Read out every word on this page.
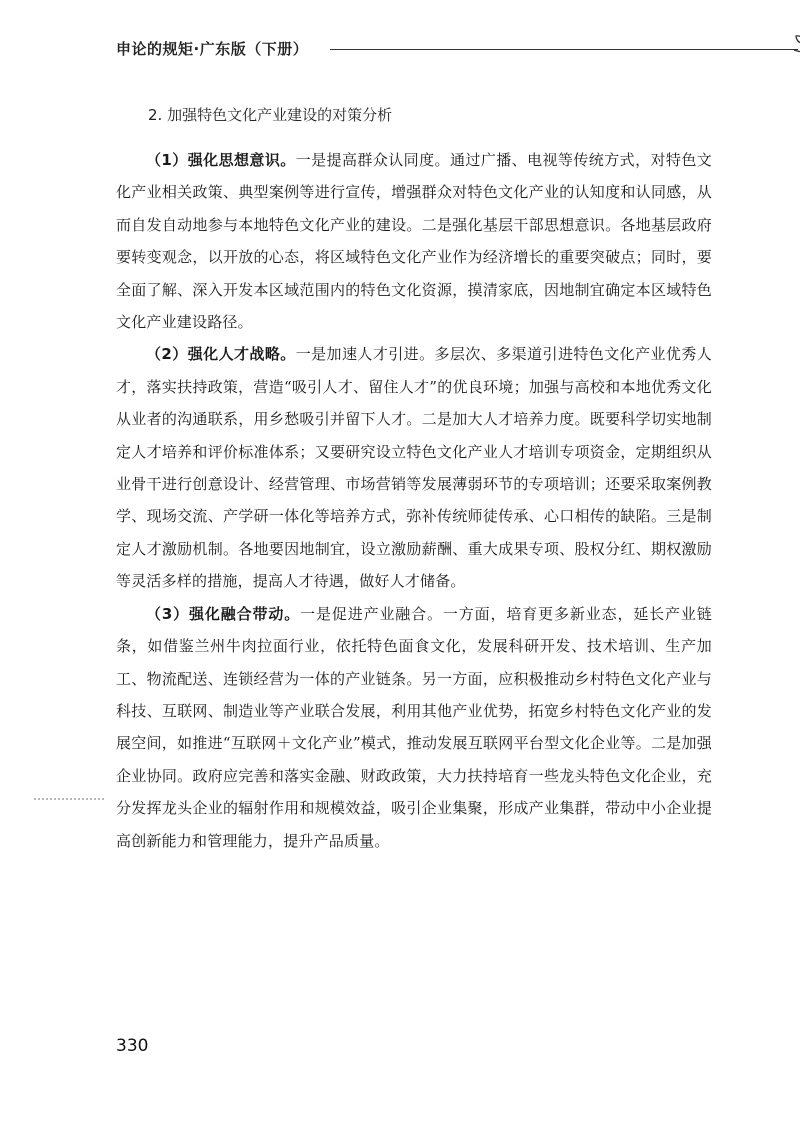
申论的规矩·广东版（下册）
2. 加强特色文化产业建设的对策分析

（1）强化思想意识。一是提高群众认同度。通过广播、电视等传统方式，对特色文化产业相关政策、典型案例等进行宣传，增强群众对特色文化产业的认知度和认同感，从而自发自动地参与本地特色文化产业的建设。二是强化基层干部思想意识。各地基层政府要转变观念，以开放的心态，将区域特色文化产业作为经济增长的重要突破点；同时，要全面了解、深入开发本区域范围内的特色文化资源，摸清家底，因地制宜确定本区域特色文化产业建设路径。

（2）强化人才战略。一是加速人才引进。多层次、多渠道引进特色文化产业优秀人才，落实扶持政策，营造“吸引人才、留住人才”的优良环境；加强与高校和本地优秀文化从业者的沟通联系，用乡愁吸引并留下人才。二是加大人才培养力度。既要科学切实地制定人才培养和评价标准体系；又要研究设立特色文化产业人才培训专项资金，定期组织从业骨干进行创意设计、经营管理、市场营销等发展薄弱环节的专项培训；还要采取案例教学、现场交流、产学研一体化等培养方式，弥补传统师徒传承、心口相传的缺陷。三是制定人才激励机制。各地要因地制宜，设立激励薪酬、重大成果专项、股权分红、期权激励等灵活多样的措施，提高人才待遇，做好人才储备。

（3）强化融合带动。一是促进产业融合。一方面，培育更多新业态，延长产业链条，如借鉴兰州牛肉拉面行业，依托特色面食文化，发展科研开发、技术培训、生产加工、物流配送、连锁经营为一体的产业链条。另一方面，应积极推动乡村特色文化产业与科技、互联网、制造业等产业联合发展，利用其他产业优势，拓宽乡村特色文化产业的发展空间，如推进“互联网＋文化产业”模式，推动发展互联网平台型文化企业等。二是加强企业协同。政府应完善和落实金融、财政政策，大力扶持培育一些龙头特色文化企业，充分发挥龙头企业的辐射作用和规模效益，吸引企业集聚，形成产业集群，带动中小企业提高创新能力和管理能力，提升产品质量。

330
